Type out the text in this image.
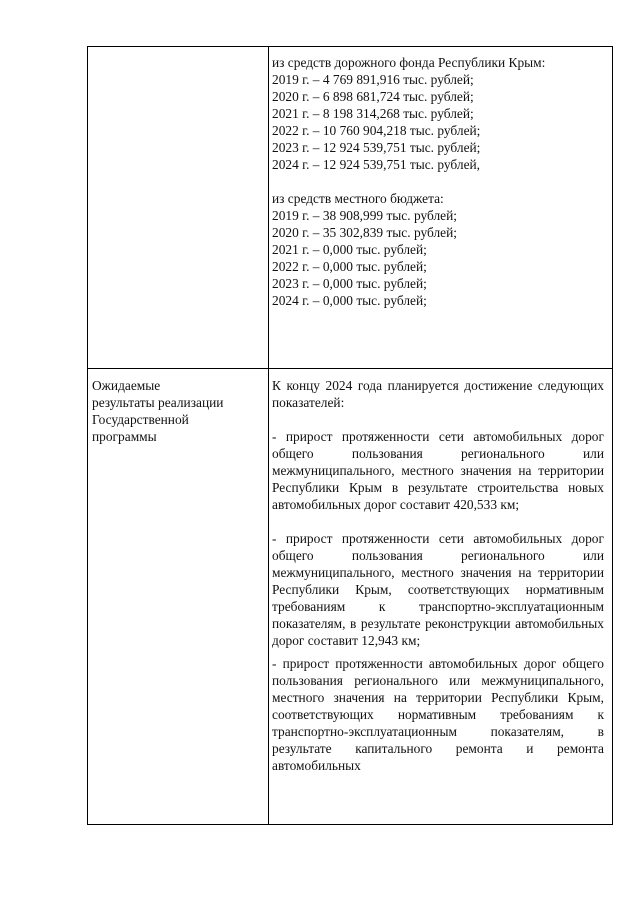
из средств дорожного фонда Республики Крым:
2019 г. – 4 769 891,916 тыс. рублей;
2020 г. – 6 898 681,724 тыс. рублей;
2021 г. – 8 198 314,268 тыс. рублей;
2022 г. – 10 760 904,218 тыс. рублей;
2023 г. – 12 924 539,751 тыс. рублей;
2024 г. – 12 924 539,751 тыс. рублей,
из средств местного бюджета:
2019 г. – 38 908,999 тыс. рублей;
2020 г. – 35 302,839 тыс. рублей;
2021 г. – 0,000 тыс. рублей;
2022 г. – 0,000 тыс. рублей;
2023 г. – 0,000 тыс. рублей;
2024 г. – 0,000 тыс. рублей;
Ожидаемые
результаты реализации
Государственной
программы
К концу 2024 года планируется достижение следующих показателей:
- прирост протяженности сети автомобильных дорог общего пользования регионального или межмуниципального, местного значения на территории Республики Крым в результате строительства новых автомобильных дорог составит 420,533 км;
- прирост протяженности сети автомобильных дорог общего пользования регионального или межмуниципального, местного значения на территории Республики Крым, соответствующих нормативным требованиям к транспортно-эксплуатационным показателям, в результате реконструкции автомобильных дорог составит 12,943 км;
- прирост протяженности автомобильных дорог общего пользования регионального или межмуниципального, местного значения на территории Республики Крым, соответствующих нормативным требованиям к транспортно-эксплуатационным показателям, в результате капитального ремонта и ремонта автомобильных
